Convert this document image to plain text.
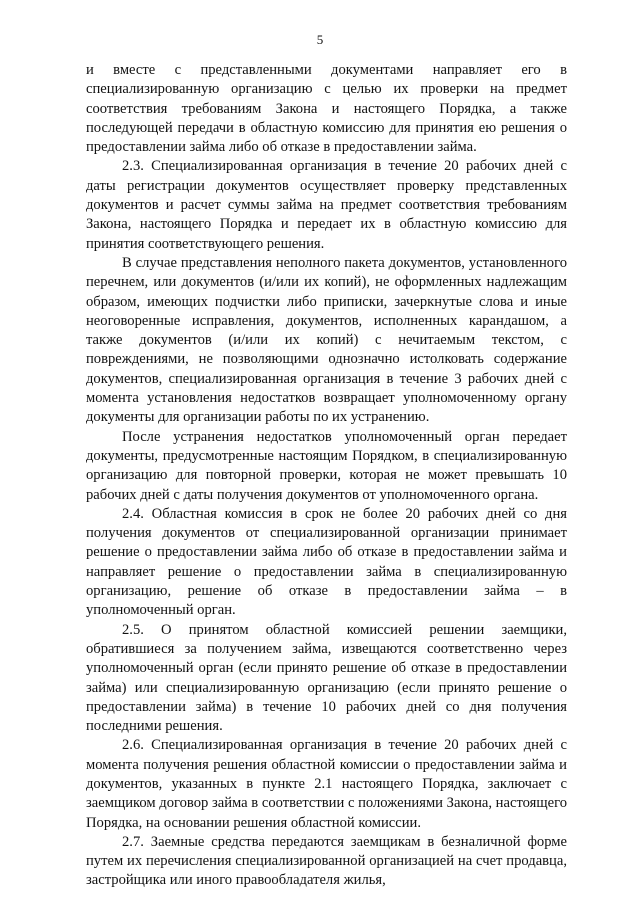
5

и вместе с представленными документами направляет его в специализированную организацию с целью их проверки на предмет соответствия требованиям Закона и настоящего Порядка, а также последующей передачи в областную комиссию для принятия ею решения о предоставлении займа либо об отказе в предоставлении займа.

2.3. Специализированная организация в течение 20 рабочих дней с даты регистрации документов осуществляет проверку представленных документов и расчет суммы займа на предмет соответствия требованиям Закона, настоящего Порядка и передает их в областную комиссию для принятия соответствующего решения.

В случае представления неполного пакета документов, установленного перечнем, или документов (и/или их копий), не оформленных надлежащим образом, имеющих подчистки либо приписки, зачеркнутые слова и иные неоговоренные исправления, документов, исполненных карандашом, а также документов (и/или их копий) с нечитаемым текстом, с повреждениями, не позволяющими однозначно истолковать содержание документов, специализированная организация в течение 3 рабочих дней с момента установления недостатков возвращает уполномоченному органу документы для организации работы по их устранению.

После устранения недостатков уполномоченный орган передает документы, предусмотренные настоящим Порядком, в специализированную организацию для повторной проверки, которая не может превышать 10 рабочих дней с даты получения документов от уполномоченного органа.

2.4. Областная комиссия в срок не более 20 рабочих дней со дня получения документов от специализированной организации принимает решение о предоставлении займа либо об отказе в предоставлении займа и направляет решение о предоставлении займа в специализированную организацию, решение об отказе в предоставлении займа – в уполномоченный орган.

2.5. О принятом областной комиссией решении заемщики, обратившиеся за получением займа, извещаются соответственно через уполномоченный орган (если принято решение об отказе в предоставлении займа) или специализированную организацию (если принято решение о предоставлении займа) в течение 10 рабочих дней со дня получения последними решения.

2.6. Специализированная организация в течение 20 рабочих дней с момента получения решения областной комиссии о предоставлении займа и документов, указанных в пункте 2.1 настоящего Порядка, заключает с заемщиком договор займа в соответствии с положениями Закона, настоящего Порядка, на основании решения областной комиссии.

2.7. Заемные средства передаются заемщикам в безналичной форме путем их перечисления специализированной организацией на счет продавца, застройщика или иного правообладателя жилья,
